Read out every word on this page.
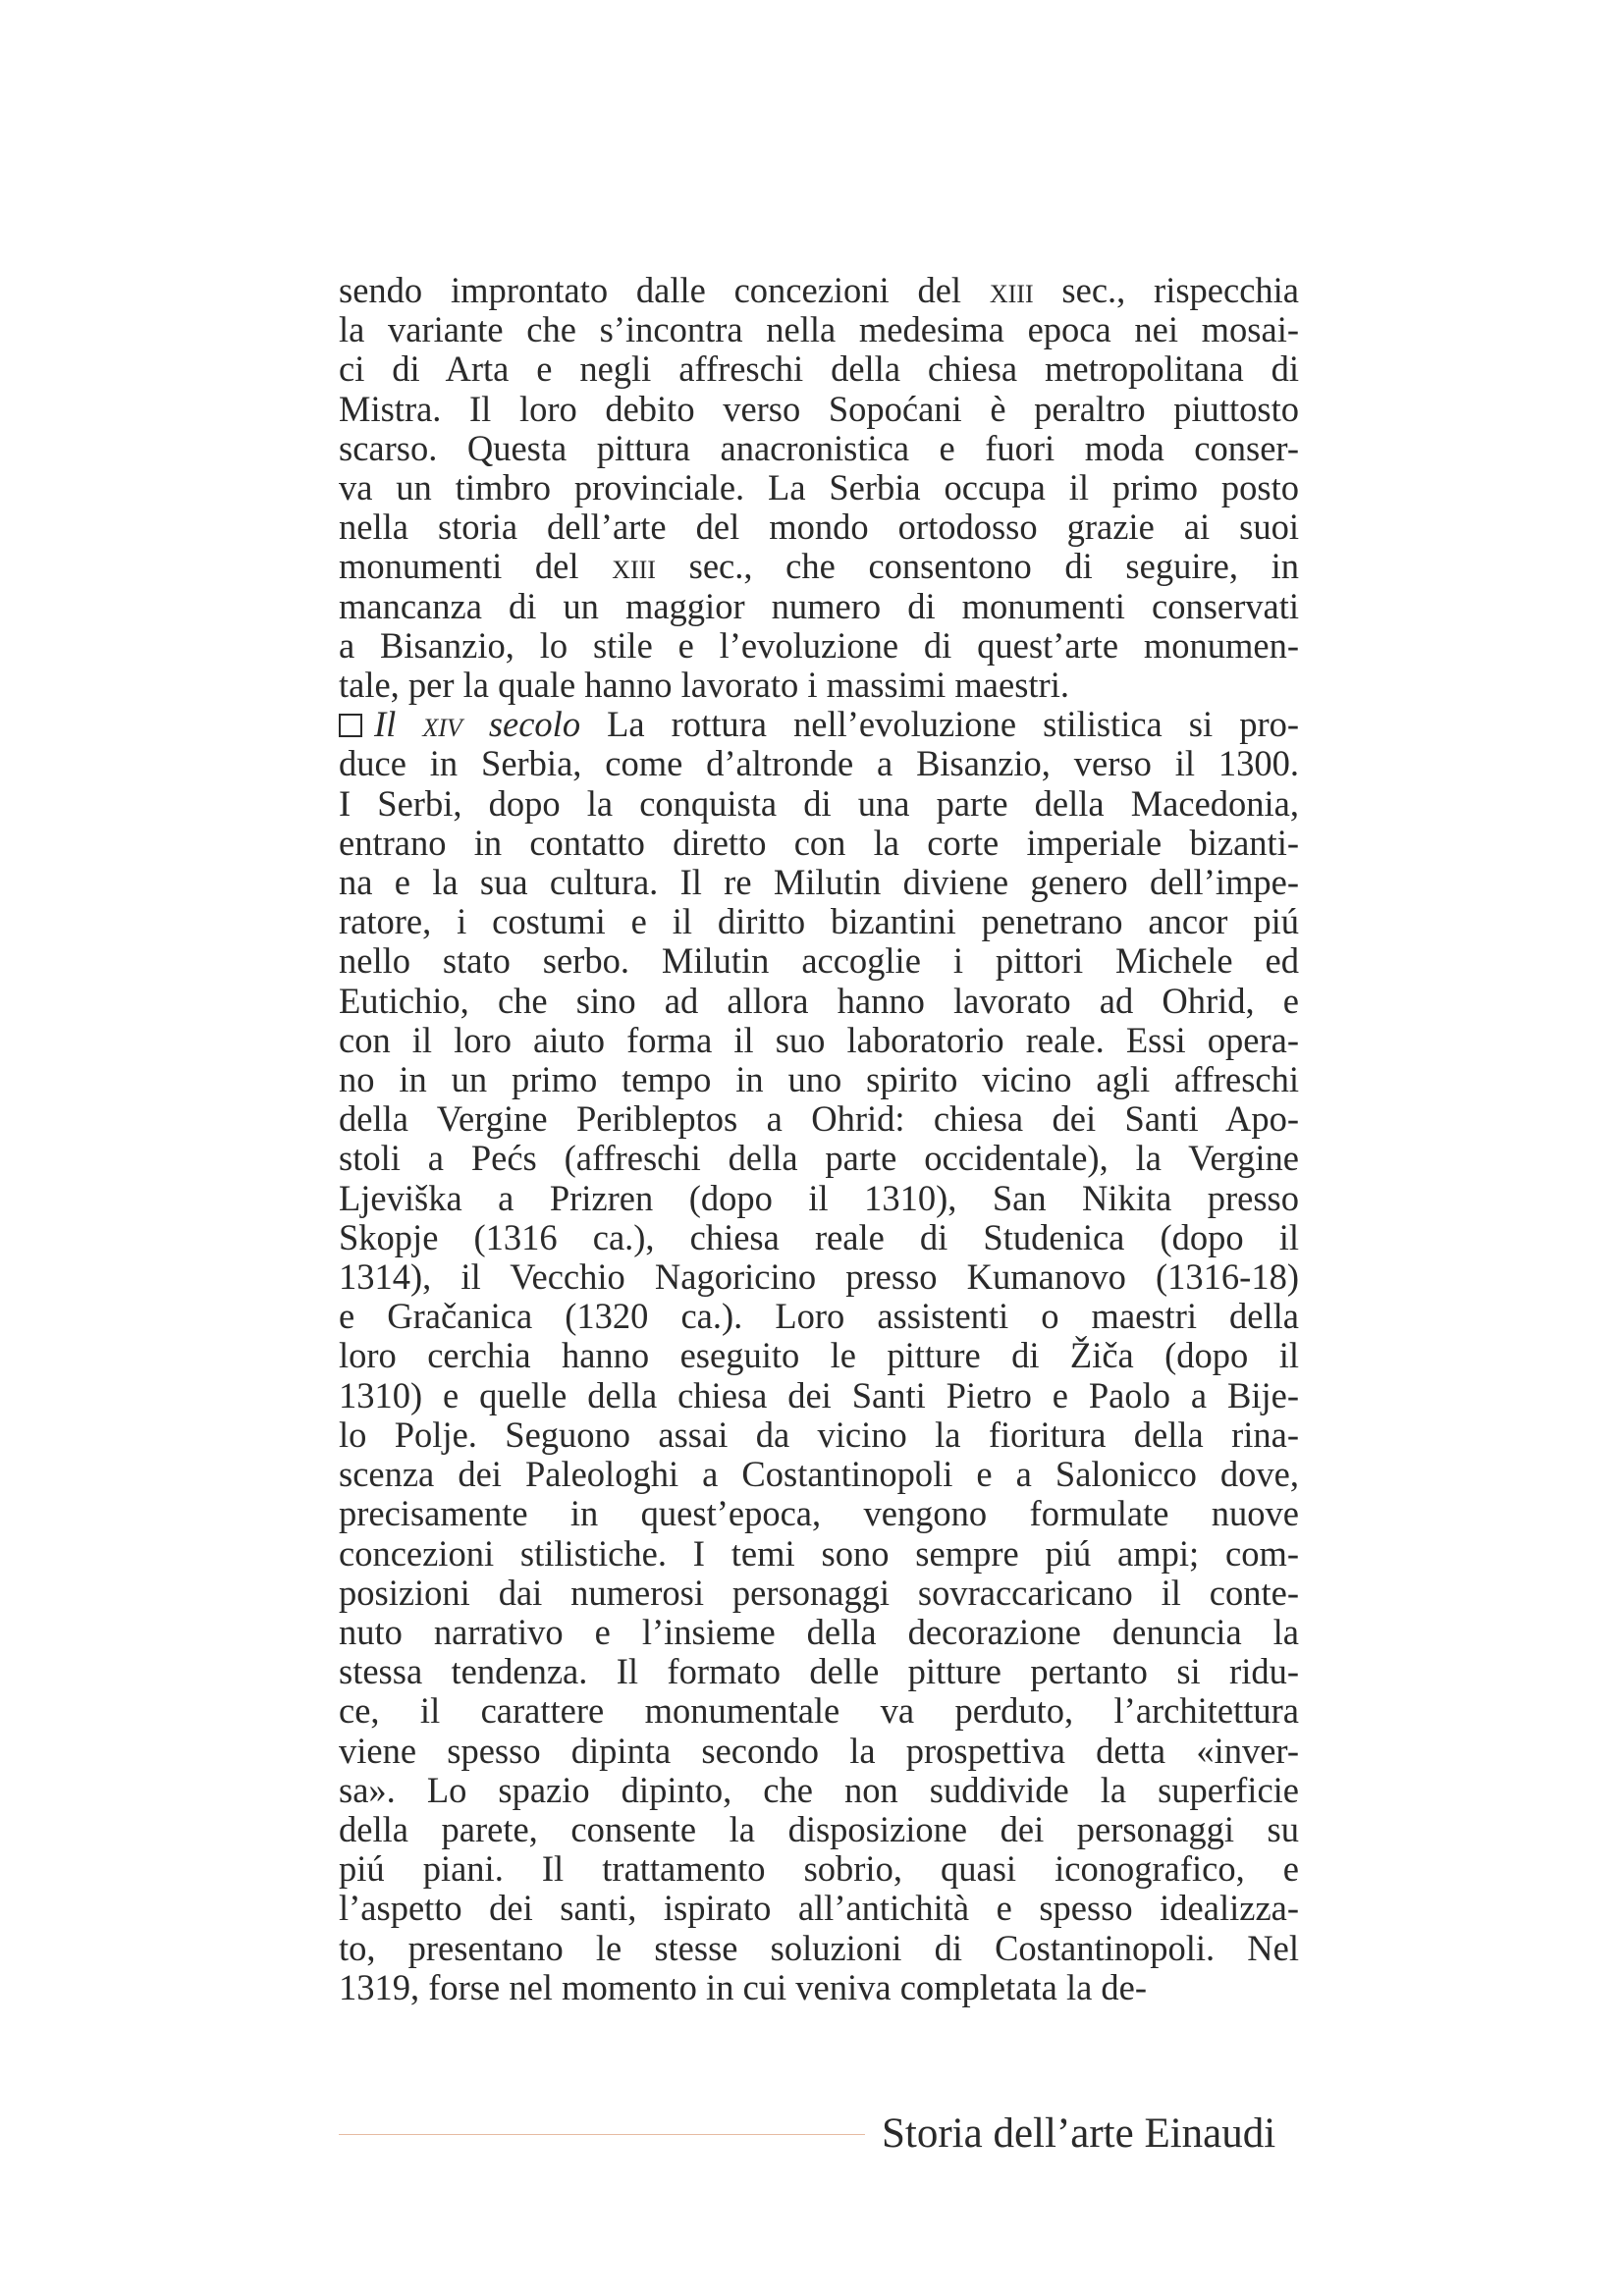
sendo improntato dalle concezioni del xiii sec., rispecchia
la variante che s’incontra nella medesima epoca nei mosai-
ci di Arta e negli affreschi della chiesa metropolitana di
Mistra. Il loro debito verso Sopoćani è peraltro piuttosto
scarso. Questa pittura anacronistica e fuori moda conser-
va un timbro provinciale. La Serbia occupa il primo posto
nella storia dell’arte del mondo ortodosso grazie ai suoi
monumenti del xiii sec., che consentono di seguire, in
mancanza di un maggior numero di monumenti conservati
a Bisanzio, lo stile e l’evoluzione di quest’arte monumen-
tale, per la quale hanno lavorato i massimi maestri.
Il xiv secolo La rottura nell’evoluzione stilistica si pro-
duce in Serbia, come d’altronde a Bisanzio, verso il 1300.
I Serbi, dopo la conquista di una parte della Macedonia,
entrano in contatto diretto con la corte imperiale bizanti-
na e la sua cultura. Il re Milutin diviene genero dell’impe-
ratore, i costumi e il diritto bizantini penetrano ancor piú
nello stato serbo. Milutin accoglie i pittori Michele ed
Eutichio, che sino ad allora hanno lavorato ad Ohrid, e
con il loro aiuto forma il suo laboratorio reale. Essi opera-
no in un primo tempo in uno spirito vicino agli affreschi
della Vergine Peribleptos a Ohrid: chiesa dei Santi Apo-
stoli a Pećs (affreschi della parte occidentale), la Vergine
Ljeviška a Prizren (dopo il 1310), San Nikita presso
Skopje (1316 ca.), chiesa reale di Studenica (dopo il
1314), il Vecchio Nagoricino presso Kumanovo (1316-18)
e Gračanica (1320 ca.). Loro assistenti o maestri della
loro cerchia hanno eseguito le pitture di Žiča (dopo il
1310) e quelle della chiesa dei Santi Pietro e Paolo a Bije-
lo Polje. Seguono assai da vicino la fioritura della rina-
scenza dei Paleologhi a Costantinopoli e a Salonicco dove,
precisamente in quest’epoca, vengono formulate nuove
concezioni stilistiche. I temi sono sempre piú ampi; com-
posizioni dai numerosi personaggi sovraccaricano il conte-
nuto narrativo e l’insieme della decorazione denuncia la
stessa tendenza. Il formato delle pitture pertanto si ridu-
ce, il carattere monumentale va perduto, l’architettura
viene spesso dipinta secondo la prospettiva detta «inver-
sa». Lo spazio dipinto, che non suddivide la superficie
della parete, consente la disposizione dei personaggi su
piú piani. Il trattamento sobrio, quasi iconografico, e
l’aspetto dei santi, ispirato all’antichità e spesso idealizza-
to, presentano le stesse soluzioni di Costantinopoli. Nel
1319, forse nel momento in cui veniva completata la de-
Storia dell’arte Einaudi
